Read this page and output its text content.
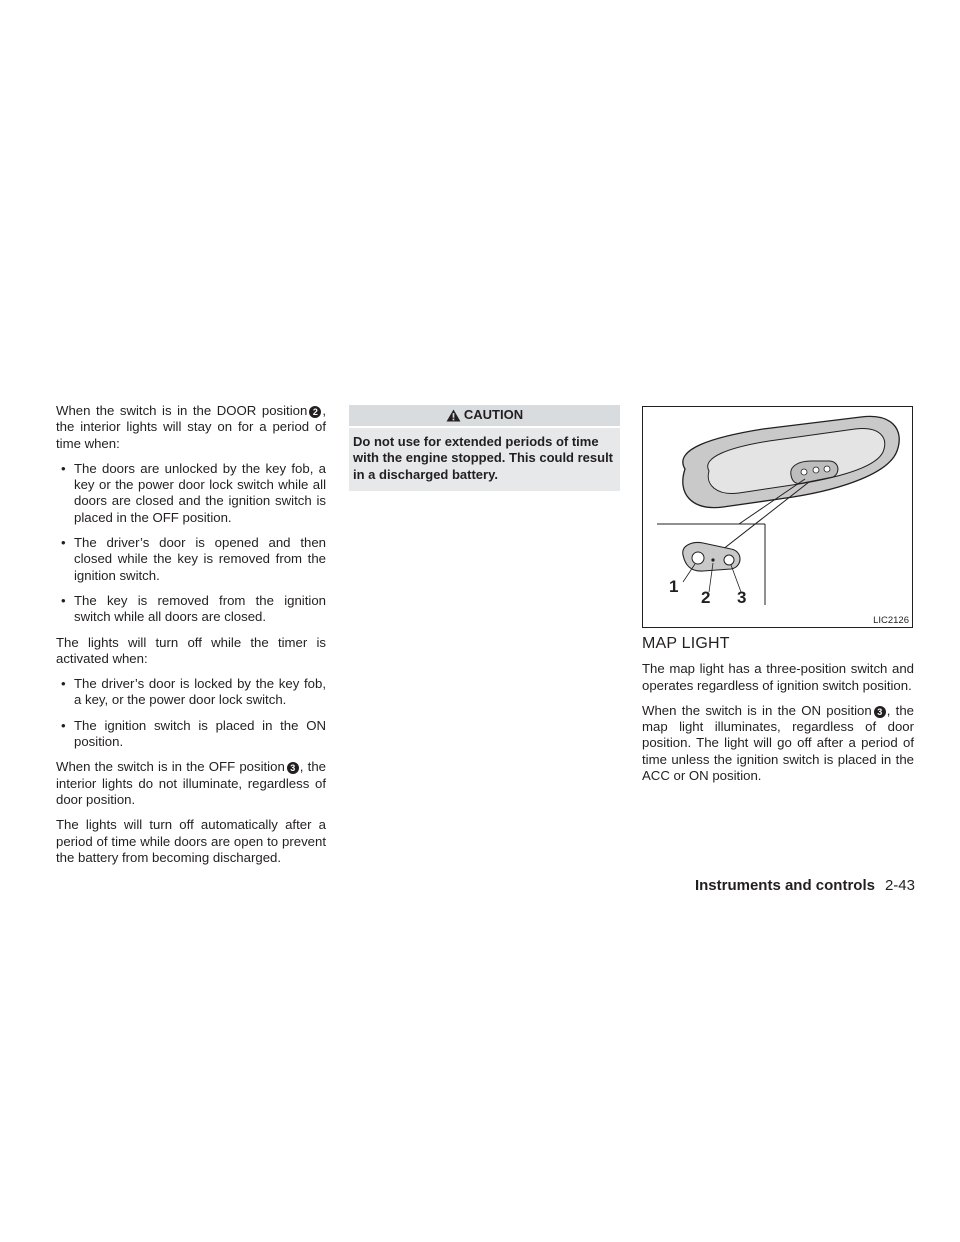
When the switch is in the DOOR position 2 , the interior lights will stay on for a period of time when:

• The doors are unlocked by the key fob, a key or the power door lock switch while all doors are closed and the ignition switch is placed in the OFF position.
• The driver’s door is opened and then closed while the key is removed from the ignition switch.
• The key is removed from the ignition switch while all doors are closed.

The lights will turn off while the timer is activated when:

• The driver’s door is locked by the key fob, a key, or the power door lock switch.
• The ignition switch is placed in the ON position.

When the switch is in the OFF position 3 , the interior lights do not illuminate, regardless of door position.

The lights will turn off automatically after a period of time while doors are open to prevent the battery from becoming discharged.

CAUTION
Do not use for extended periods of time with the engine stopped. This could result in a discharged battery.
1
2 3
LIC2126
MAP LIGHT

The map light has a three-position switch and operates regardless of ignition switch position.

When the switch is in the ON position 3 , the map light illuminates, regardless of door position. The light will go off after a period of time unless the ignition switch is placed in the ACC or ON position.

Instruments and controls 2-43
